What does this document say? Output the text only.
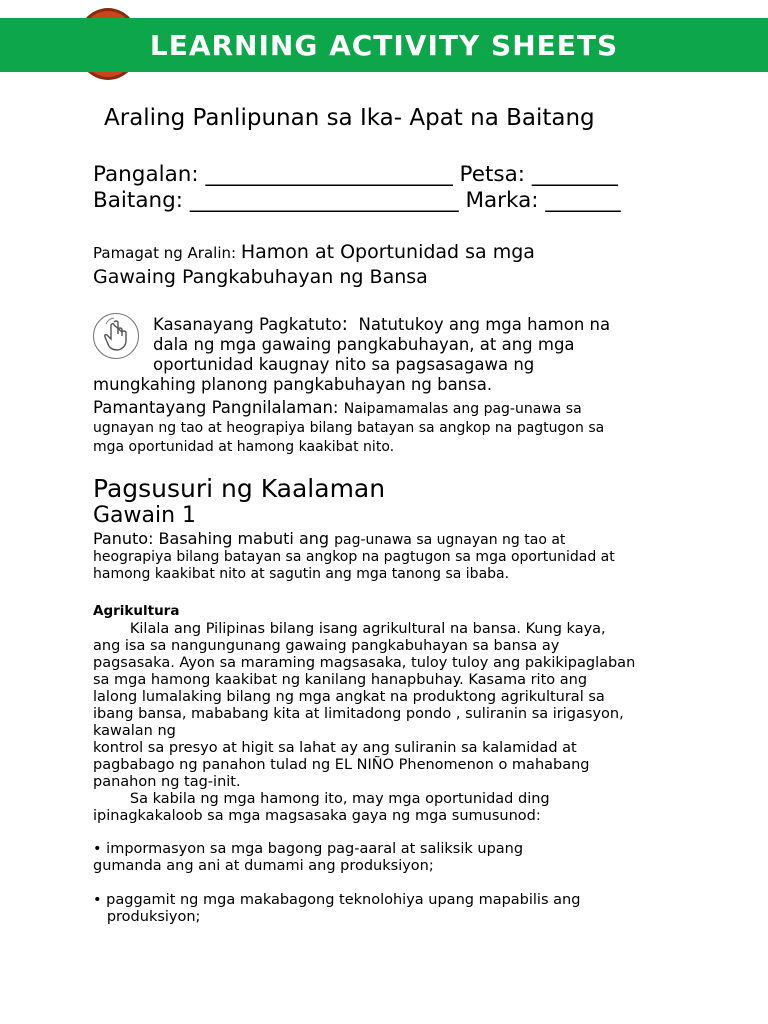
LEARNING ACTIVITY SHEETS
Araling Panlipunan sa Ika- Apat na Baitang
Pangalan: _______________________ Petsa: ________
Baitang: _________________________ Marka: _______
Pamagat ng Aralin: Hamon at Oportunidad sa mga
Gawaing Pangkabuhayan ng Bansa
Kasanayang Pagkatuto:  Natutukoy ang mga hamon na
dala ng mga gawaing pangkabuhayan, at ang mga
oportunidad kaugnay nito sa pagsasagawa ng
mungkahing planong pangkabuhayan ng bansa.
Pamantayang Pangnilalaman: Naipamamalas ang pag-unawa sa
ugnayan ng tao at heograpiya bilang batayan sa angkop na pagtugon sa
mga oportunidad at hamong kaakibat nito.
Pagsusuri ng Kaalaman
Gawain 1
Panuto: Basahing mabuti ang pag-unawa sa ugnayan ng tao at
heograpiya bilang batayan sa angkop na pagtugon sa mga oportunidad at
hamong kaakibat nito at sagutin ang mga tanong sa ibaba.
Agrikultura
Kilala ang Pilipinas bilang isang agrikultural na bansa. Kung kaya,
ang isa sa nangungunang gawaing pangkabuhayan sa bansa ay
pagsasaka. Ayon sa maraming magsasaka, tuloy tuloy ang pakikipaglaban
sa mga hamong kaakibat ng kanilang hanapbuhay. Kasama rito ang
lalong lumalaking bilang ng mga angkat na produktong agrikultural sa
ibang bansa, mababang kita at limitadong pondo , suliranin sa irigasyon,
kawalan ng
kontrol sa presyo at higit sa lahat ay ang suliranin sa kalamidad at
pagbabago ng panahon tulad ng EL NIÑO Phenomenon o mahabang
panahon ng tag-init.
Sa kabila ng mga hamong ito, may mga oportunidad ding
ipinagkakaloob sa mga magsasaka gaya ng mga sumusunod:
• impormasyon sa mga bagong pag-aaral at saliksik upang
gumanda ang ani at dumami ang produksiyon;
• paggamit ng mga makabagong teknolohiya upang mapabilis ang
produksiyon;
